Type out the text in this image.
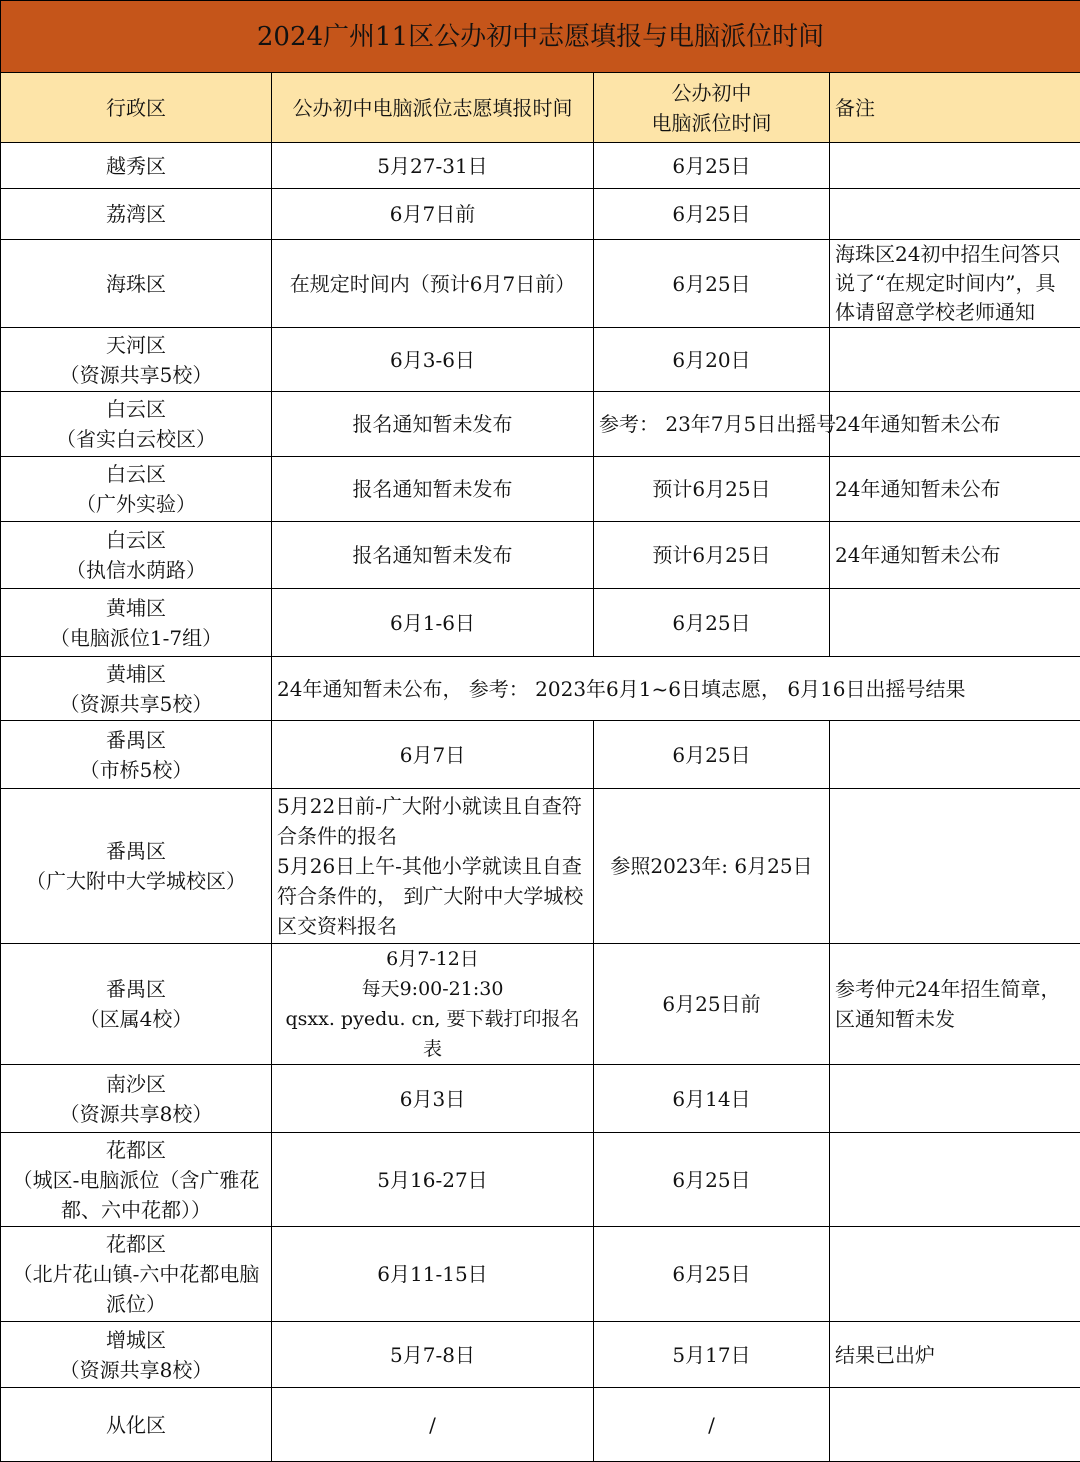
2024广州11区公办初中志愿填报与电脑派位时间			
行政区	公办初中电脑派位志愿填报时间	公办初中
电脑派位时间	备注

越秀区	5月27-31日	6月25日	

荔湾区	6月7日前	6月25日	

海珠区	在规定时间内（预计6月7日前）	6月25日	海珠区24初中招生问答只说了“在规定时间内”，具体请留意学校老师通知

天河区
（资源共享5校）	6月3-6日	6月20日	

白云区
（省实白云校区）	报名通知暂未发布	参考： 23年7月5日出摇号	24年通知暂未公布

白云区
（广外实验）	报名通知暂未发布	预计6月25日	24年通知暂未公布

白云区
（执信水荫路）	报名通知暂未发布	预计6月25日	24年通知暂未公布

黄埔区
（电脑派位1-7组）	6月1-6日	6月25日	

黄埔区
（资源共享5校）	24年通知暂未公布， 参考： 2023年6月1~6日填志愿， 6月16日出摇号结果		

番禺区
（市桥5校）	6月7日	6月25日	

番禺区
（广大附中大学城校区）	5月22日前-广大附小就读且自查符
合条件的报名
5月26日上午-其他小学就读且自查
符合条件的， 到广大附中大学城校
区交资料报名	参照2023年: 6月25日	

番禺区
（区属4校）	6月7-12日
每天9:00-21:30
qsxx. pyedu. cn, 要下载打印报名表	6月25日前	参考仲元24年招生简章，区通知暂未发

南沙区
（资源共享8校）	6月3日	6月14日	

花都区
（城区-电脑派位（含广雅花都、六中花都））	5月16-27日	6月25日	

花都区
（北片花山镇-六中花都电脑派位）	6月11-15日	6月25日	

增城区
（资源共享8校）	5月7-8日	5月17日	结果已出炉

从化区	/	/	
